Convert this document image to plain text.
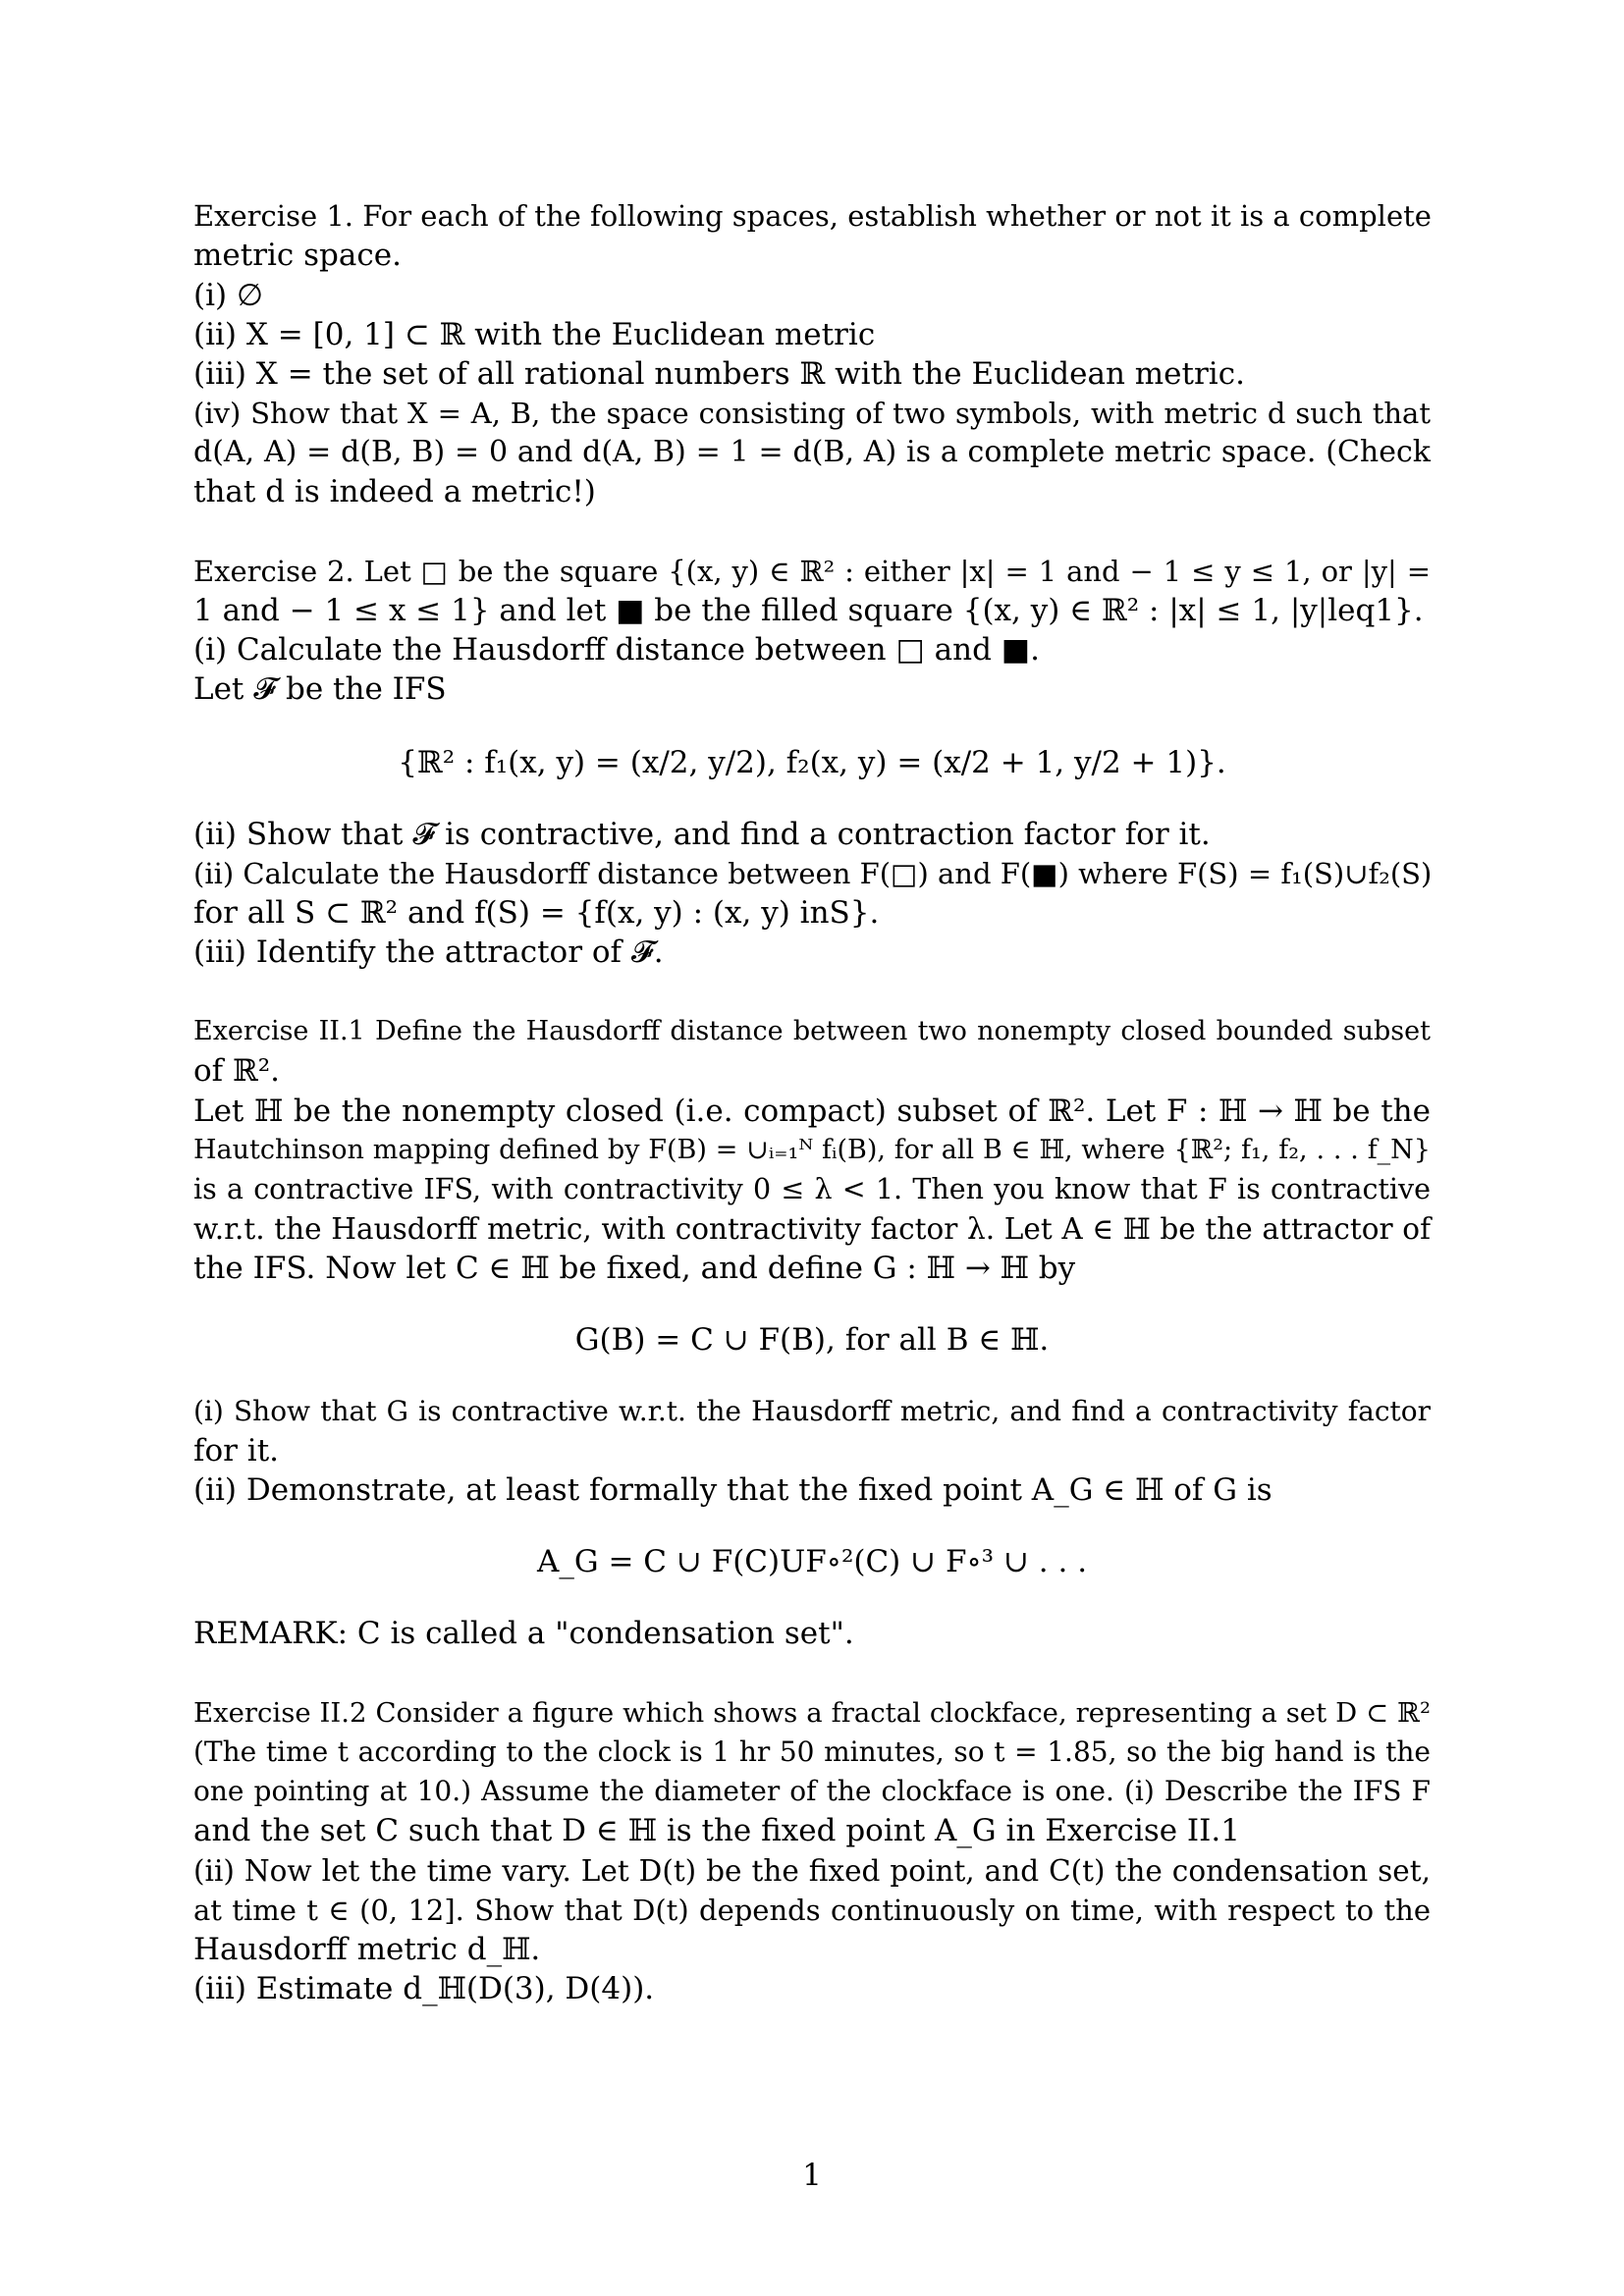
Exercise 1. For each of the following spaces, establish whether or not it is a complete
metric space.
(i) ∅
(ii) X = [0, 1] ⊂ ℝ with the Euclidean metric
(iii) X = the set of all rational numbers ℝ with the Euclidean metric.
(iv) Show that X = A, B, the space consisting of two symbols, with metric d such that
d(A, A) = d(B, B) = 0 and d(A, B) = 1 = d(B, A) is a complete metric space. (Check
that d is indeed a metric!)
Exercise 2. Let □ be the square {(x, y) ∈ ℝ² : either |x| = 1 and − 1 ≤ y ≤ 1, or |y| =
1 and − 1 ≤ x ≤ 1} and let ■ be the filled square {(x, y) ∈ ℝ² : |x| ≤ 1, |y|leq1}.
(i) Calculate the Hausdorff distance between □ and ■.
Let 𝓕 be the IFS
{ℝ² : f₁(x, y) = (x/2, y/2), f₂(x, y) = (x/2 + 1, y/2 + 1)}.
(ii) Show that 𝓕 is contractive, and find a contraction factor for it.
(ii) Calculate the Hausdorff distance between F(□) and F(■) where F(S) = f₁(S)∪f₂(S)
for all S ⊂ ℝ² and f(S) = {f(x, y) : (x, y) inS}.
(iii) Identify the attractor of 𝓕.
Exercise II.1 Define the Hausdorff distance between two nonempty closed bounded subset
of ℝ².
Let ℍ be the nonempty closed (i.e. compact) subset of ℝ². Let F : ℍ → ℍ be the
Hautchinson mapping defined by F(B) = ∪ᵢ₌₁ᴺ fᵢ(B), for all B ∈ ℍ, where {ℝ²; f₁, f₂, . . . f_N}
is a contractive IFS, with contractivity 0 ≤ λ < 1. Then you know that F is contractive
w.r.t. the Hausdorff metric, with contractivity factor λ. Let A ∈ ℍ be the attractor of
the IFS. Now let C ∈ ℍ be fixed, and define G : ℍ → ℍ by
G(B) = C ∪ F(B), for all B ∈ ℍ.
(i) Show that G is contractive w.r.t. the Hausdorff metric, and find a contractivity factor
for it.
(ii) Demonstrate, at least formally that the fixed point A_G ∈ ℍ of G is
A_G = C ∪ F(C)UF∘²(C) ∪ F∘³ ∪ . . .
REMARK: C is called a "condensation set".
Exercise II.2 Consider a figure which shows a fractal clockface, representing a set D ⊂ ℝ²
(The time t according to the clock is 1 hr 50 minutes, so t = 1.85, so the big hand is the
one pointing at 10.) Assume the diameter of the clockface is one. (i) Describe the IFS F
and the set C such that D ∈ ℍ is the fixed point A_G in Exercise II.1
(ii) Now let the time vary. Let D(t) be the fixed point, and C(t) the condensation set,
at time t ∈ (0, 12]. Show that D(t) depends continuously on time, with respect to the
Hausdorff metric d_ℍ.
(iii) Estimate d_ℍ(D(3), D(4)).
1
